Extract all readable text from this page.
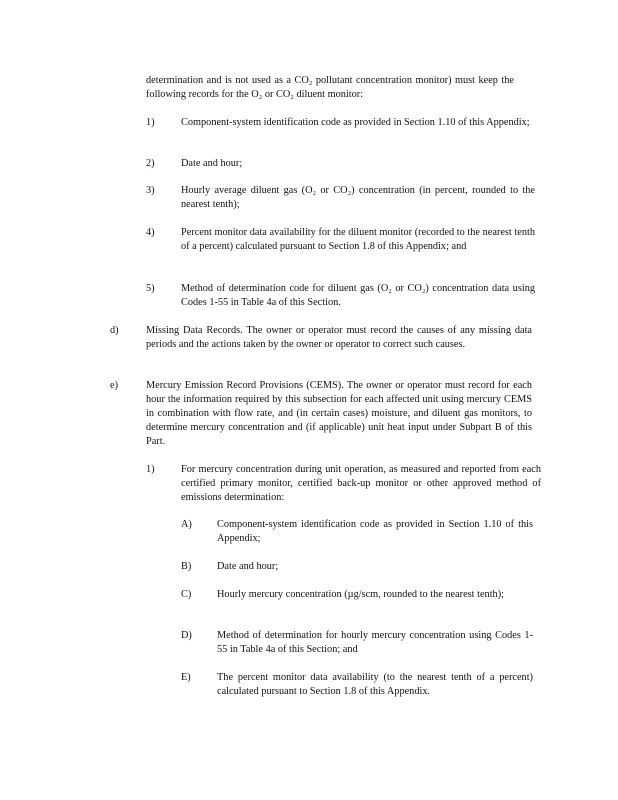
determination and is not used as a CO₂ pollutant concentration monitor) must keep the following records for the O₂ or CO₂ diluent monitor:

1)	Component-system identification code as provided in Section 1.10 of this Appendix;

2)	Date and hour;

3)	Hourly average diluent gas (O₂ or CO₂) concentration (in percent, rounded to the nearest tenth);

4)	Percent monitor data availability for the diluent monitor (recorded to the nearest tenth of a percent) calculated pursuant to Section 1.8 of this Appendix; and

5)	Method of determination code for diluent gas (O₂ or CO₂) concentration data using Codes 1-55 in Table 4a of this Section.

d)	Missing Data Records. The owner or operator must record the causes of any missing data periods and the actions taken by the owner or operator to correct such causes.

e)	Mercury Emission Record Provisions (CEMS). The owner or operator must record for each hour the information required by this subsection for each affected unit using mercury CEMS in combination with flow rate, and (in certain cases) moisture, and diluent gas monitors, to determine mercury concentration and (if applicable) unit heat input under Subpart B of this Part.

1)	For mercury concentration during unit operation, as measured and reported from each certified primary monitor, certified back-up monitor or other approved method of emissions determination:

A) Component-system identification code as provided in Section 1.10 of this Appendix;

B) Date and hour;

C) Hourly mercury concentration (µg/scm, rounded to the nearest tenth);

D) Method of determination for hourly mercury concentration using Codes 1-55 in Table 4a of this Section; and

E)	The percent monitor data availability (to the nearest tenth of a percent) calculated pursuant to Section 1.8 of this Appendix.
